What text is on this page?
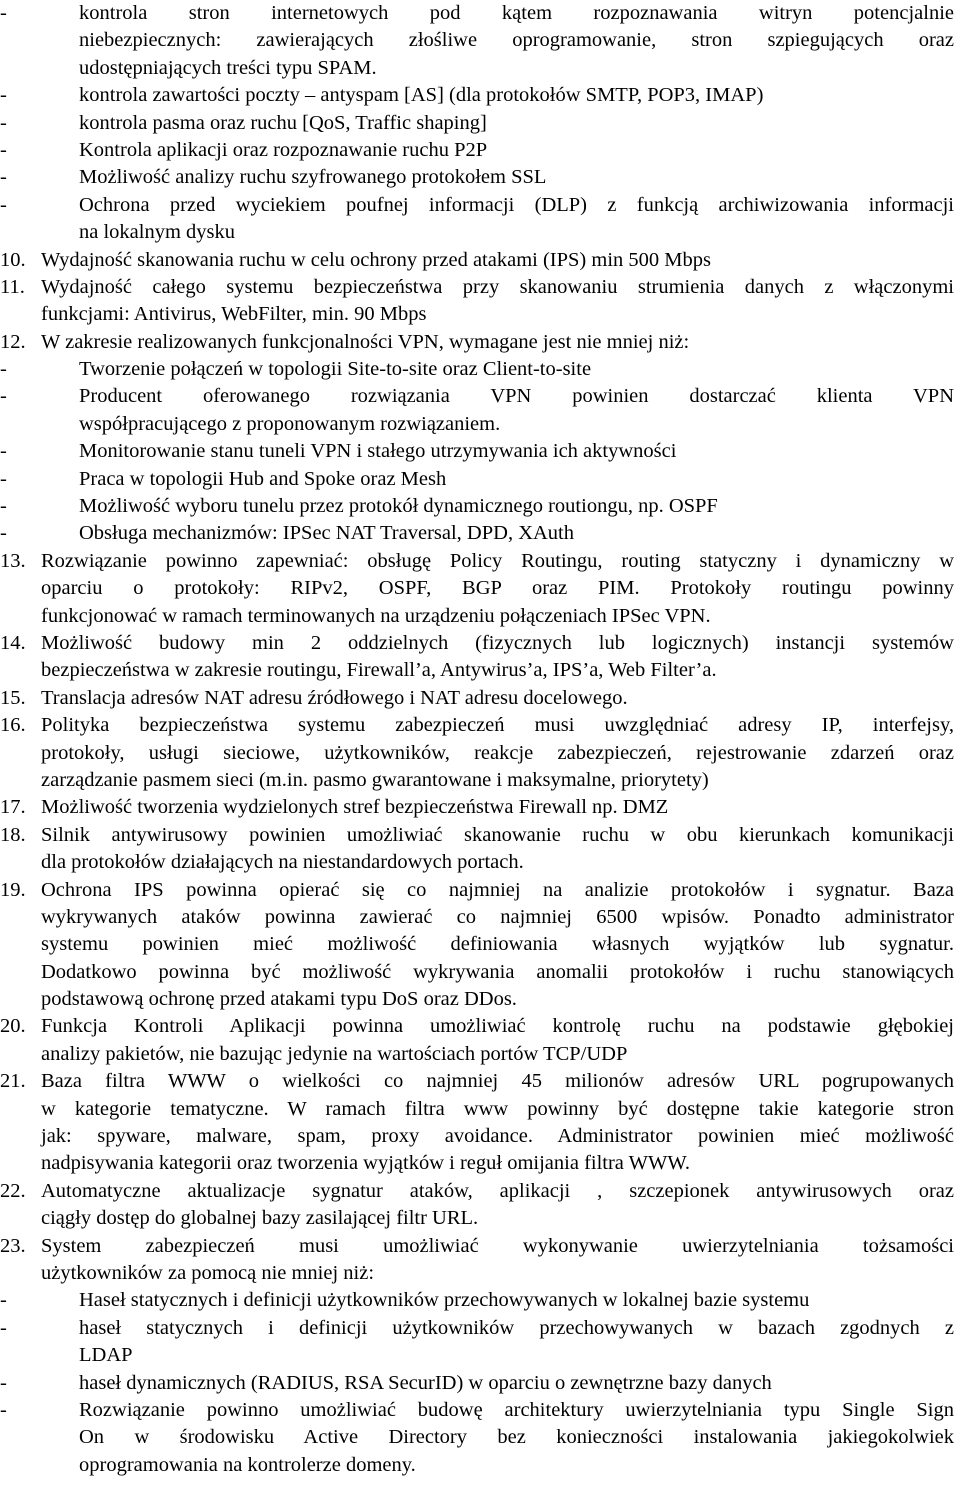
-	kontrola stron internetowych pod kątem rozpoznawania witryn potencjalnie
niebezpiecznych: zawierających złośliwe oprogramowanie, stron szpiegujących oraz
udostępniających treści typu SPAM.
-	kontrola zawartości poczty – antyspam [AS] (dla protokołów SMTP, POP3, IMAP)
-	kontrola pasma oraz ruchu [QoS, Traffic shaping]
-	Kontrola aplikacji oraz rozpoznawanie ruchu P2P
-	Możliwość analizy ruchu szyfrowanego protokołem SSL
-	Ochrona przed wyciekiem poufnej informacji (DLP) z funkcją archiwizowania informacji
na lokalnym dysku
10. Wydajność skanowania ruchu w celu ochrony przed atakami (IPS) min 500 Mbps
11. Wydajność całego systemu bezpieczeństwa przy skanowaniu strumienia danych z włączonymi
funkcjami: Antivirus, WebFilter, min. 90 Mbps
12. W zakresie realizowanych funkcjonalności VPN, wymagane jest nie mniej niż:
-	Tworzenie połączeń w topologii Site-to-site oraz Client-to-site
-	Producent oferowanego rozwiązania VPN powinien dostarczać klienta VPN
współpracującego z proponowanym rozwiązaniem.
-	Monitorowanie stanu tuneli VPN i stałego utrzymywania ich aktywności
-	Praca w topologii Hub and Spoke oraz Mesh
-	Możliwość wyboru tunelu przez protokół dynamicznego routiongu, np. OSPF
-	Obsługa mechanizmów: IPSec NAT Traversal, DPD, XAuth
13. Rozwiązanie powinno zapewniać: obsługę Policy Routingu, routing statyczny i dynamiczny w
oparciu o protokoły: RIPv2, OSPF, BGP oraz PIM. Protokoły routingu powinny
funkcjonować w ramach terminowanych na urządzeniu połączeniach IPSec VPN.
14. Możliwość budowy min 2 oddzielnych (fizycznych lub logicznych) instancji systemów
bezpieczeństwa w zakresie routingu, Firewall’a, Antywirus’a, IPS’a, Web Filter’a.
15. Translacja adresów NAT adresu źródłowego i NAT adresu docelowego.
16. Polityka bezpieczeństwa systemu zabezpieczeń musi uwzględniać adresy IP, interfejsy,
protokoły, usługi sieciowe, użytkowników, reakcje zabezpieczeń, rejestrowanie zdarzeń oraz
zarządzanie pasmem sieci (m.in. pasmo gwarantowane i maksymalne, priorytety)
17. Możliwość tworzenia wydzielonych stref bezpieczeństwa Firewall np. DMZ
18. Silnik antywirusowy powinien umożliwiać skanowanie ruchu w obu kierunkach komunikacji
dla protokołów działających na niestandardowych portach.
19. Ochrona IPS powinna opierać się co najmniej na analizie protokołów i sygnatur. Baza
wykrywanych ataków powinna zawierać co najmniej 6500 wpisów. Ponadto administrator
systemu powinien mieć możliwość definiowania własnych wyjątków lub sygnatur.
Dodatkowo powinna być możliwość wykrywania anomalii protokołów i ruchu stanowiących
podstawową ochronę przed atakami typu DoS oraz DDos.
20. Funkcja Kontroli Aplikacji powinna umożliwiać kontrolę ruchu na podstawie głębokiej
analizy pakietów, nie bazując jedynie na wartościach portów TCP/UDP
21. Baza filtra WWW o wielkości co najmniej 45 milionów adresów URL pogrupowanych
w kategorie tematyczne. W ramach filtra www powinny być dostępne takie kategorie stron
jak: spyware, malware, spam, proxy avoidance. Administrator powinien mieć możliwość
nadpisywania kategorii oraz tworzenia wyjątków i reguł omijania filtra WWW.
22. Automatyczne aktualizacje sygnatur ataków, aplikacji , szczepionek antywirusowych oraz
ciągły dostęp do globalnej bazy zasilającej filtr URL.
23. System zabezpieczeń musi umożliwiać wykonywanie uwierzytelniania tożsamości
użytkowników za pomocą nie mniej niż:
-	Haseł statycznych i definicji użytkowników przechowywanych w lokalnej bazie systemu
-	haseł statycznych i definicji użytkowników przechowywanych w bazach zgodnych z
LDAP
-	haseł dynamicznych (RADIUS, RSA SecurID) w oparciu o zewnętrzne bazy danych
-	Rozwiązanie powinno umożliwiać budowę architektury uwierzytelniania typu Single Sign
On w środowisku Active Directory bez konieczności instalowania jakiegokolwiek
oprogramowania na kontrolerze domeny.
